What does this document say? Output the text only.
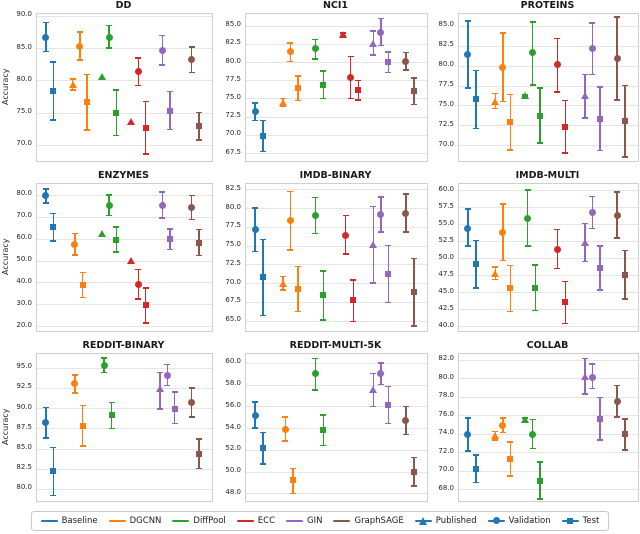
DD
70.0
75.0
80.0
85.0
90.0
Accuracy
NCI1
67.5
70.0
72.5
75.0
77.5
80.0
82.5
85.0
PROTEINS
70.0
72.5
75.0
77.5
80.0
82.5
85.0
ENZYMES
20.0
30.0
40.0
50.0
60.0
70.0
80.0
Accuracy
IMDB-BINARY
65.0
67.5
70.0
72.5
75.0
77.5
80.0
82.5
IMDB-MULTI
40.0
42.5
45.0
47.5
50.0
52.5
55.0
57.5
60.0
REDDIT-BINARY
80.0
82.5
85.0
87.5
90.0
92.5
95.0
Accuracy
REDDIT-MULTI-5K
48.0
50.0
52.0
54.0
56.0
58.0
60.0
COLLAB
68.0
70.0
72.0
74.0
76.0
78.0
80.0
82.0
Baseline	DGCNN	DiffPool	ECC	GIN	GraphSAGE	Published	Validation	Test
